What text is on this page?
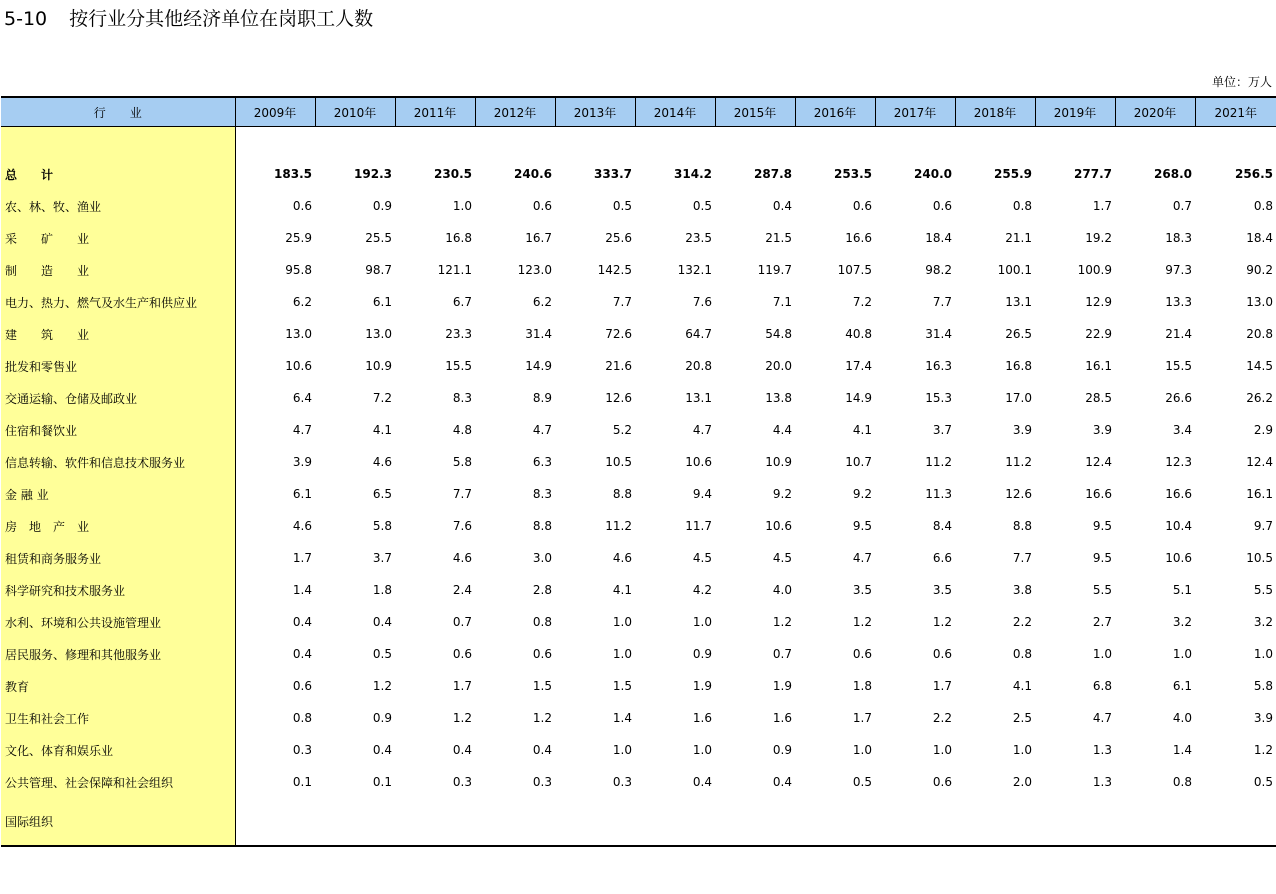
5-10 按行业分其他经济单位在岗职工人数
单位：万人
行　　业	2009年	2010年	2011年	2012年	2013年	2014年	2015年	2016年	2017年	2018年	2019年	2020年	2021年

总　　计	183.5	192.3	230.5	240.6	333.7	314.2	287.8	253.5	240.0	255.9	277.7	268.0	256.5
农、林、牧、渔业	0.6	0.9	1.0	0.6	0.5	0.5	0.4	0.6	0.6	0.8	1.7	0.7	0.8
采　　矿　　业	25.9	25.5	16.8	16.7	25.6	23.5	21.5	16.6	18.4	21.1	19.2	18.3	18.4
制　　造　　业	95.8	98.7	121.1	123.0	142.5	132.1	119.7	107.5	98.2	100.1	100.9	97.3	90.2
电力、热力、燃气及水生产和供应业	6.2	6.1	6.7	6.2	7.7	7.6	7.1	7.2	7.7	13.1	12.9	13.3	13.0
建　　筑　　业	13.0	13.0	23.3	31.4	72.6	64.7	54.8	40.8	31.4	26.5	22.9	21.4	20.8
批发和零售业	10.6	10.9	15.5	14.9	21.6	20.8	20.0	17.4	16.3	16.8	16.1	15.5	14.5
交通运输、仓储及邮政业	6.4	7.2	8.3	8.9	12.6	13.1	13.8	14.9	15.3	17.0	28.5	26.6	26.2
住宿和餐饮业	4.7	4.1	4.8	4.7	5.2	4.7	4.4	4.1	3.7	3.9	3.9	3.4	2.9
信息转输、软件和信息技术服务业	3.9	4.6	5.8	6.3	10.5	10.6	10.9	10.7	11.2	11.2	12.4	12.3	12.4
金 融 业	6.1	6.5	7.7	8.3	8.8	9.4	9.2	9.2	11.3	12.6	16.6	16.6	16.1
房　地　产　业	4.6	5.8	7.6	8.8	11.2	11.7	10.6	9.5	8.4	8.8	9.5	10.4	9.7
租赁和商务服务业	1.7	3.7	4.6	3.0	4.6	4.5	4.5	4.7	6.6	7.7	9.5	10.6	10.5
科学研究和技术服务业	1.4	1.8	2.4	2.8	4.1	4.2	4.0	3.5	3.5	3.8	5.5	5.1	5.5
水利、环境和公共设施管理业	0.4	0.4	0.7	0.8	1.0	1.0	1.2	1.2	1.2	2.2	2.7	3.2	3.2
居民服务、修理和其他服务业	0.4	0.5	0.6	0.6	1.0	0.9	0.7	0.6	0.6	0.8	1.0	1.0	1.0
教育	0.6	1.2	1.7	1.5	1.5	1.9	1.9	1.8	1.7	4.1	6.8	6.1	5.8
卫生和社会工作	0.8	0.9	1.2	1.2	1.4	1.6	1.6	1.7	2.2	2.5	4.7	4.0	3.9
文化、体育和娱乐业	0.3	0.4	0.4	0.4	1.0	1.0	0.9	1.0	1.0	1.0	1.3	1.4	1.2
公共管理、社会保障和社会组织	0.1	0.1	0.3	0.3	0.3	0.4	0.4	0.5	0.6	2.0	1.3	0.8	0.5
国际组织													
